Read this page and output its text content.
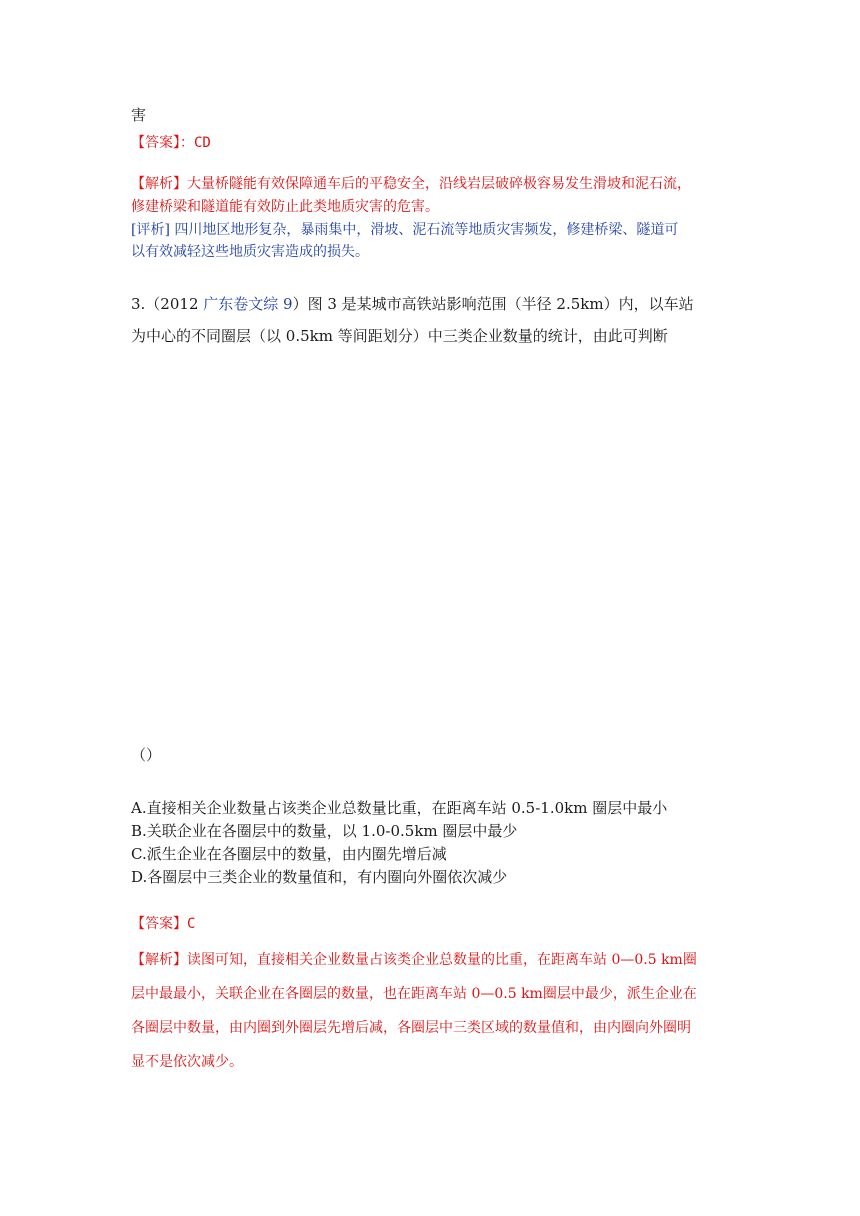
害
【答案】：CD
【解析】大量桥隧能有效保障通车后的平稳安全，沿线岩层破碎极容易发生滑坡和泥石流，
修建桥梁和隧道能有效防止此类地质灾害的危害。
[评析] 四川地区地形复杂，暴雨集中，滑坡、泥石流等地质灾害频发，修建桥梁、隧道可
以有效减轻这些地质灾害造成的损失。
3.（2012 广东卷文综 9）图 3 是某城市高铁站影响范围（半径 2.5km）内，以车站
为中心的不同圈层（以 0.5km 等间距划分）中三类企业数量的统计，由此可判断
（）
A.直接相关企业数量占该类企业总数量比重，在距离车站 0.5-1.0km 圈层中最小
B.关联企业在各圈层中的数量，以 1.0-0.5km 圈层中最少
C.派生企业在各圈层中的数量，由内圈先增后减
D.各圈层中三类企业的数量值和，有内圈向外圈依次减少
【答案】C
【解析】读图可知，直接相关企业数量占该类企业总数量的比重，在距离车站 0—0.5 km圈
层中最最小，关联企业在各圈层的数量，也在距离车站 0—0.5 km圈层中最少，派生企业在
各圈层中数量，由内圈到外圈层先增后减，各圈层中三类区域的数量值和，由内圈向外圈明
显不是依次减少。
